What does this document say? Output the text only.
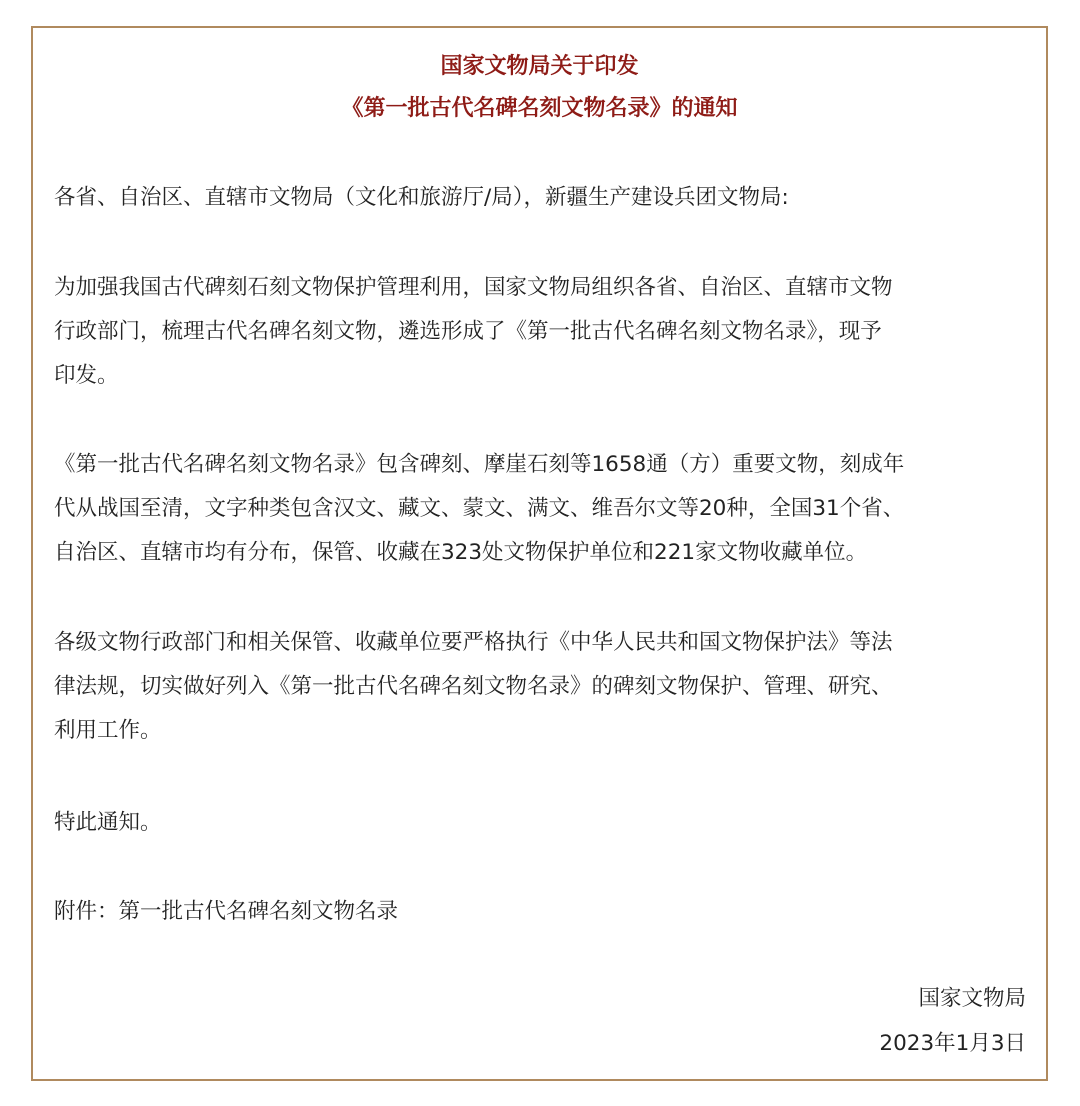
国家文物局关于印发
《第一批古代名碑名刻文物名录》的通知

各省、自治区、直辖市文物局（文化和旅游厅/局），新疆生产建设兵团文物局:

为加强我国古代碑刻石刻文物保护管理利用，国家文物局组织各省、自治区、直辖市文物
行政部门，梳理古代名碑名刻文物，遴选形成了《第一批古代名碑名刻文物名录》，现予
印发。

《第一批古代名碑名刻文物名录》包含碑刻、摩崖石刻等1658通（方）重要文物，刻成年
代从战国至清，文字种类包含汉文、藏文、蒙文、满文、维吾尔文等20种，全国31个省、
自治区、直辖市均有分布，保管、收藏在323处文物保护单位和221家文物收藏单位。

各级文物行政部门和相关保管、收藏单位要严格执行《中华人民共和国文物保护法》等法
律法规，切实做好列入《第一批古代名碑名刻文物名录》的碑刻文物保护、管理、研究、
利用工作。

特此通知。

附件：第一批古代名碑名刻文物名录

国家文物局
2023年1月3日
